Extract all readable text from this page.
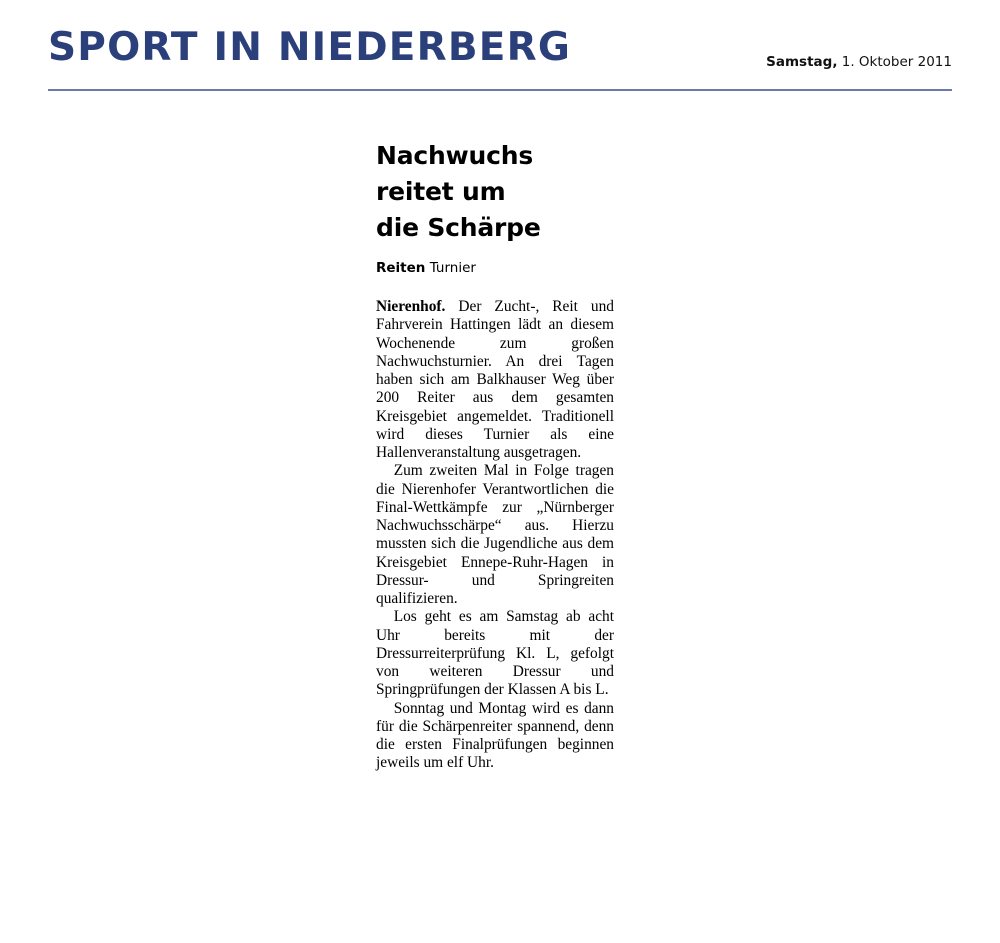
SPORT IN NIEDERBERG	Samstag, 1. Oktober 2011
Nachwuchs
reitet um
die Schärpe
Reiten Turnier

Nierenhof. Der Zucht-, Reit und Fahrverein Hattingen lädt an diesem Wochenende zum großen Nachwuchsturnier. An drei Tagen haben sich am Balkhauser Weg über 200 Reiter aus dem gesamten Kreisgebiet angemeldet. Traditionell wird dieses Turnier als eine Hallenveranstaltung ausgetragen.

Zum zweiten Mal in Folge tragen die Nierenhofer Verantwortlichen die Final-Wettkämpfe zur „Nürnberger Nachwuchsschärpe“ aus. Hierzu mussten sich die Jugendliche aus dem Kreisgebiet Ennepe-Ruhr-Hagen in Dressur- und Springreiten qualifizieren.

Los geht es am Samstag ab acht Uhr bereits mit der Dressurreiterprüfung Kl. L, gefolgt von weiteren Dressur und Springprüfungen der Klassen A bis L.

Sonntag und Montag wird es dann für die Schärpenreiter spannend, denn die ersten Finalprüfungen beginnen jeweils um elf Uhr.
